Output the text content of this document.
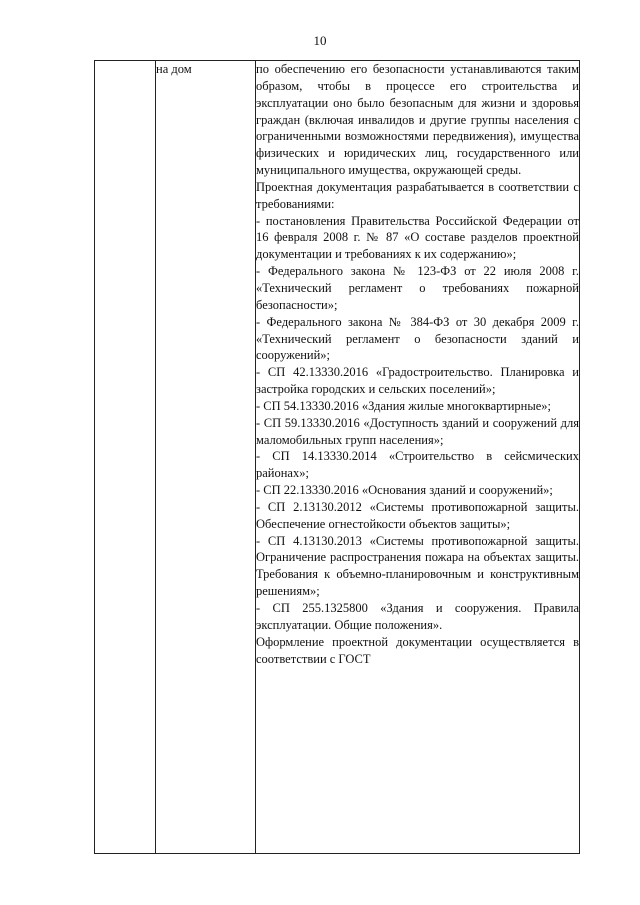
10
	на дом	по обеспечению его безопасности устанавливаются таким образом, чтобы в процессе его строительства и эксплуатации оно было безопасным для жизни и здоровья граждан (включая инвалидов и другие группы населения с ограниченными возможностями передвижения), имущества физических и юридических лиц, государственного или муниципального имущества, окружающей среды.

Проектная документация разрабатывается в соответствии с требованиями:

- постановления Правительства Российской Федерации от 16 февраля 2008 г. № 87 «О составе разделов проектной документации и требованиях к их содержанию»;

- Федерального закона № 123-ФЗ от 22 июля 2008 г. «Технический регламент о требованиях пожарной безопасности»;

- Федерального закона № 384-ФЗ от 30 декабря 2009 г. «Технический регламент о безопасности зданий и сооружений»;

- СП 42.13330.2016 «Градостроительство. Планировка и застройка городских и сельских поселений»;

- СП 54.13330.2016 «Здания жилые многоквартирные»;

- СП 59.13330.2016 «Доступность зданий и сооружений для маломобильных групп населения»;

- СП 14.13330.2014 «Строительство в сейсмических районах»;

- СП 22.13330.2016 «Основания зданий и сооружений»;

- СП 2.13130.2012 «Системы противопожарной защиты. Обеспечение огнестойкости объектов защиты»;

- СП 4.13130.2013 «Системы противопожарной защиты. Ограничение распространения пожара на объектах защиты. Требования к объемно-планировочным и конструктивным решениям»;

- СП 255.1325800 «Здания и сооружения. Правила эксплуатации. Общие положения».

Оформление проектной документации осуществляется в соответствии с ГОСТ
